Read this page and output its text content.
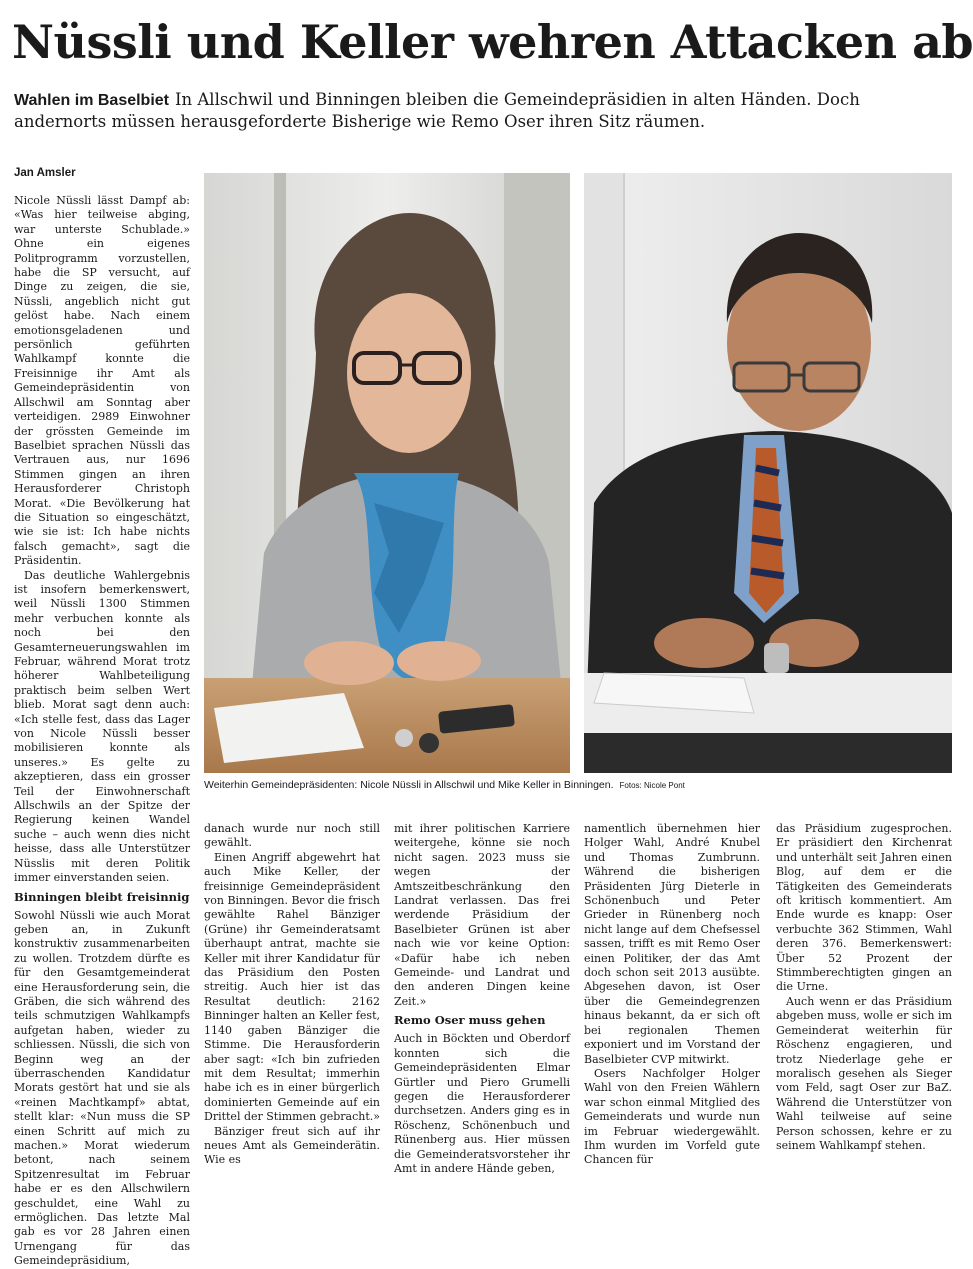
Nüssli und Keller wehren Attacken ab

Wahlen im Baselbiet In Allschwil und Binningen bleiben die Gemeindepräsidien in alten Händen. Doch andernorts müssen herausgeforderte Bisherige wie Remo Oser ihren Sitz räumen.

Jan Amsler

Nicole Nüssli lässt Dampf ab: «Was hier teilweise abging, war unterste Schublade.» Ohne ein eigenes Politprogramm vorzustellen, habe die SP versucht, auf Dinge zu zeigen, die sie, Nüssli, angeblich nicht gut gelöst habe. Nach einem emotionsgeladenen und persönlich geführten Wahlkampf konnte die Freisinnige ihr Amt als Gemeindepräsidentin von Allschwil am Sonntag aber verteidigen. 2989 Einwohner der grössten Gemeinde im Baselbiet sprachen Nüssli das Vertrauen aus, nur 1696 Stimmen gingen an ihren Herausforderer Christoph Morat. «Die Bevölkerung hat die Situation so eingeschätzt, wie sie ist: Ich habe nichts falsch gemacht», sagt die Präsidentin.

Das deutliche Wahlergebnis ist insofern bemerkenswert, weil Nüssli 1300 Stimmen mehr verbuchen konnte als noch bei den Gesamterneuerungswahlen im Februar, während Morat trotz höherer Wahlbeteiligung praktisch beim selben Wert blieb. Morat sagt denn auch: «Ich stelle fest, dass das Lager von Nicole Nüssli besser mobilisieren konnte als unseres.» Es gelte zu akzeptieren, dass ein grosser Teil der Einwohnerschaft Allschwils an der Spitze der Regierung keinen Wandel suche – auch wenn dies nicht heisse, dass alle Unterstützer Nüsslis mit deren Politik immer einverstanden seien.

Binningen bleibt freisinnig

Sowohl Nüssli wie auch Morat geben an, in Zukunft konstruktiv zusammenarbeiten zu wollen. Trotzdem dürfte es für den Gesamtgemeinderat eine Herausforderung sein, die Gräben, die sich während des teils schmutzigen Wahlkampfs aufgetan haben, wieder zu schliessen. Nüssli, die sich von Beginn weg an der überraschenden Kandidatur Morats gestört hat und sie als «reinen Machtkampf» abtat, stellt klar: «Nun muss die SP einen Schritt auf mich zu machen.» Morat wiederum betont, nach seinem Spitzenresultat im Februar habe er es den Allschwilern geschuldet, eine Wahl zu ermöglichen. Das letzte Mal gab es vor 28 Jahren einen Urnengang für das Gemeindepräsidium,

Weiterhin Gemeindepräsidenten: Nicole Nüssli in Allschwil und Mike Keller in Binningen. Fotos: Nicole Pont

danach wurde nur noch still gewählt.

Einen Angriff abgewehrt hat auch Mike Keller, der freisinnige Gemeindepräsident von Binningen. Bevor die frisch gewählte Rahel Bänziger (Grüne) ihr Gemeinderatsamt überhaupt antrat, machte sie Keller mit ihrer Kandidatur für das Präsidium den Posten streitig. Auch hier ist das Resultat deutlich: 2162 Binninger halten an Keller fest, 1140 gaben Bänziger die Stimme. Die Herausforderin aber sagt: «Ich bin zufrieden mit dem Resultat; immerhin habe ich es in einer bürgerlich dominierten Gemeinde auf ein Drittel der Stimmen gebracht.»

Bänziger freut sich auf ihr neues Amt als Gemeinderätin. Wie es

mit ihrer politischen Karriere weitergehe, könne sie noch nicht sagen. 2023 muss sie wegen der Amtszeitbeschränkung den Landrat verlassen. Das frei werdende Präsidium der Baselbieter Grünen ist aber nach wie vor keine Option: «Dafür habe ich neben Gemeinde- und Landrat und den anderen Dingen keine Zeit.»

Remo Oser muss gehen

Auch in Böckten und Oberdorf konnten sich die Gemeindepräsidenten Elmar Gürtler und Piero Grumelli gegen die Herausforderer durchsetzen. Anders ging es in Röschenz, Schönenbuch und Rünenberg aus. Hier müssen die Gemeinderatsvorsteher ihr Amt in andere Hände geben,

namentlich übernehmen hier Holger Wahl, André Knubel und Thomas Zumbrunn. Während die bisherigen Präsidenten Jürg Dieterle in Schönenbuch und Peter Grieder in Rünenberg noch nicht lange auf dem Chefsessel sassen, trifft es mit Remo Oser einen Politiker, der das Amt doch schon seit 2013 ausübte. Abgesehen davon, ist Oser über die Gemeindegrenzen hinaus bekannt, da er sich oft bei regionalen Themen exponiert und im Vorstand der Baselbieter CVP mitwirkt.

Osers Nachfolger Holger Wahl von den Freien Wählern war schon einmal Mitglied des Gemeinderats und wurde nun im Februar wiedergewählt. Ihm wurden im Vorfeld gute Chancen für

das Präsidium zugesprochen. Er präsidiert den Kirchenrat und unterhält seit Jahren einen Blog, auf dem er die Tätigkeiten des Gemeinderats oft kritisch kommentiert. Am Ende wurde es knapp: Oser verbuchte 362 Stimmen, Wahl deren 376. Bemerkenswert: Über 52 Prozent der Stimmberechtigten gingen an die Urne.

Auch wenn er das Präsidium abgeben muss, wolle er sich im Gemeinderat weiterhin für Röschenz engagieren, und trotz Niederlage gehe er moralisch gesehen als Sieger vom Feld, sagt Oser zur BaZ. Während die Unterstützer von Wahl teilweise auf seine Person schossen, kehre er zu seinem Wahlkampf stehen.
